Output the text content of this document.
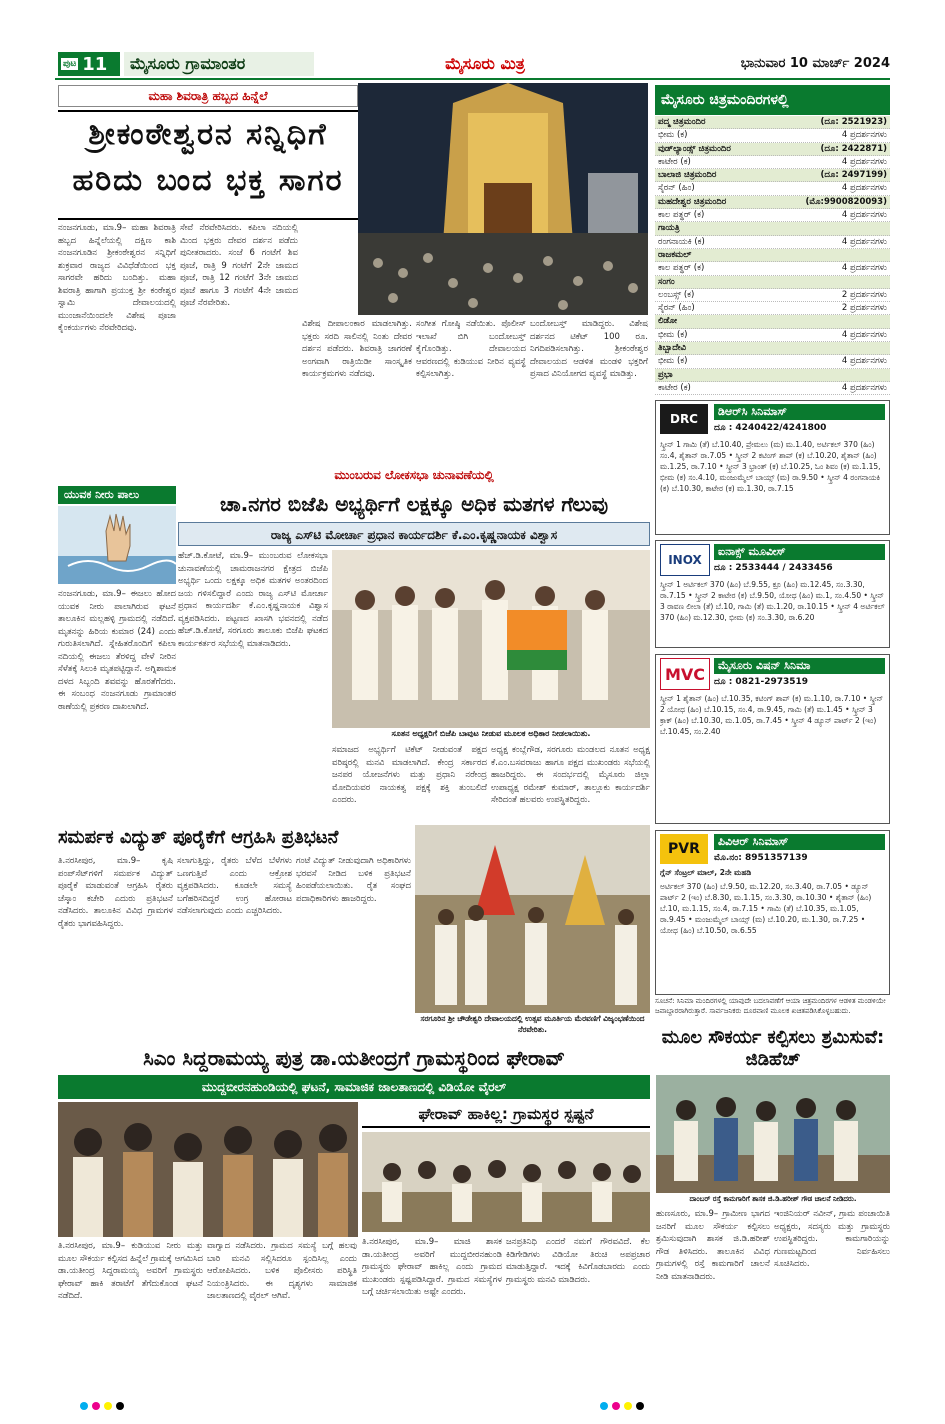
ಪುಟ 11	ಮೈಸೂರು ಗ್ರಾಮಾಂತರ	ಮೈಸೂರು ಮಿತ್ರ	ಭಾನುವಾರ 10 ಮಾರ್ಚ್ 2024
ಮಹಾ ಶಿವರಾತ್ರಿ ಹಬ್ಬದ ಹಿನ್ನೆಲೆ
ಶ್ರೀಕಂಠೇಶ್ವರನ ಸನ್ನಿಧಿಗೆ
ಹರಿದು ಬಂದ ಭಕ್ತ ಸಾಗರ

ನಂಜನಗೂಡು, ಮಾ.9– ಮಹಾ ಶಿವರಾತ್ರಿ ಹಬ್ಬದ ಹಿನ್ನೆಲೆಯಲ್ಲಿ ದಕ್ಷಿಣ ಕಾಶಿ ನಂಜನಗೂಡಿನ ಶ್ರೀಕಂಠೇಶ್ವರನ ಸನ್ನಿಧಿಗೆ ಶುಕ್ರವಾರ ರಾಜ್ಯದ ವಿವಿಧೆಡೆಯಿಂದ ಭಕ್ತ ಸಾಗರವೇ ಹರಿದು ಬಂದಿತ್ತು. ಮಹಾ ಶಿವರಾತ್ರಿ ಹಾಗಾಗಿ ಪ್ರಯುಕ್ತ ಶ್ರೀ ಕಂಠೇಶ್ವರ ಸ್ವಾಮಿ ದೇವಾಲಯದಲ್ಲಿ ಮುಂಜಾನೆಯಿಂದಲೇ ವಿಶೇಷ ಪೂಜಾ ಕೈಂಕರ್ಯಗಳು ನೆರವೇರಿದವು.

ಸೇವೆ ನೆರವೇರಿಸಿದರು. ಕಪಿಲಾ ನದಿಯಲ್ಲಿ ಮಿಂದ ಭಕ್ತರು ದೇವರ ದರ್ಶನ ಪಡೆದು ಪುನೀತರಾದರು. ಸಂಜೆ 6 ಗಂಟೆಗೆ ಶಿವ ಪೂಜೆ, ರಾತ್ರಿ 9 ಗಂಟೆಗೆ 2ನೇ ಜಾಮದ ಪೂಜೆ, ರಾತ್ರಿ 12 ಗಂಟೆಗೆ 3ನೇ ಜಾಮದ ಪೂಜೆ ಹಾಗೂ 3 ಗಂಟೆಗೆ 4ನೇ ಜಾಮದ ಪೂಜೆ ನೆರವೇರಿತು.

ವಿಶೇಷ ದೀಪಾಲಂಕಾರ ಮಾಡಲಾಗಿತ್ತು. ಭಕ್ತರು ಸರದಿ ಸಾಲಿನಲ್ಲಿ ನಿಂತು ದೇವರ ದರ್ಶನ ಪಡೆದರು. ಶಿವರಾತ್ರಿ ಜಾಗರಣೆ ಅಂಗವಾಗಿ ರಾತ್ರಿಯಿಡೀ ಸಾಂಸ್ಕೃತಿಕ ಕಾರ್ಯಕ್ರಮಗಳು ನಡೆದವು.

ಸಂಗೀತ ಗೋಷ್ಠಿ ನಡೆಯಿತು. ಪೊಲೀಸ್ ಇಲಾಖೆ ಬಿಗಿ ಬಂದೋಬಸ್ತ್ ಕೈಗೊಂಡಿತ್ತು. ದೇವಾಲಯದ ಆವರಣದಲ್ಲಿ ಕುಡಿಯುವ ನೀರಿನ ವ್ಯವಸ್ಥೆ ಕಲ್ಪಿಸಲಾಗಿತ್ತು.

ಬಂದೋಬಸ್ತ್ ಮಾಡಿದ್ದರು. ವಿಶೇಷ ದರ್ಶನದ ಟಿಕೆಟ್ 100 ರೂ. ನಿಗದಿಪಡಿಸಲಾಗಿತ್ತು. ಶ್ರೀಕಂಠೇಶ್ವರ ದೇವಾಲಯದ ಆಡಳಿತ ಮಂಡಳಿ ಭಕ್ತರಿಗೆ ಪ್ರಸಾದ ವಿನಿಯೋಗದ ವ್ಯವಸ್ಥೆ ಮಾಡಿತ್ತು.

ಮೈಸೂರು ಚಿತ್ರಮಂದಿರಗಳಲ್ಲಿ
ಪದ್ಮ ಚಿತ್ರಮಂದಿರ	(ದೂ: 2521923)
ಭೀಮ (ಕ)	4 ಪ್ರದರ್ಶನಗಳು
ವುಡ್‌ಲ್ಯಾಂಡ್ಸ್ ಚಿತ್ರಮಂದಿರ	(ದೂ: 2422871)
ಕಾಟೇರ (ಕ)	4 ಪ್ರದರ್ಶನಗಳು
ಬಾಲಾಜಿ ಚಿತ್ರಮಂದಿರ	(ದೂ: 2497199)
ಸೈರನ್ (ಹಿಂ)	4 ಪ್ರದರ್ಶನಗಳು
ಮಹದೇಶ್ವರ ಚಿತ್ರಮಂದಿರ	(ಮೊ:9900820093)
ಕಾಲ ಪತ್ಥರ್ (ಕ)	4 ಪ್ರದರ್ಶನಗಳು
ಗಾಯತ್ರಿ
ರಂಗನಾಯಕಿ (ಕ)	4 ಪ್ರದರ್ಶನಗಳು
ರಾಜಕಮಲ್
ಕಾಲ ಪತ್ಥರ್ (ಕ)	4 ಪ್ರದರ್ಶನಗಳು
ಸಂಗಂ
ಲಂಬಸ್ಸ್ (ಕ)	2 ಪ್ರದರ್ಶನಗಳು
ಸೈರನ್ (ಹಿಂ)	2 ಪ್ರದರ್ಶನಗಳು
ಲಿಡೋ
ಭೀಮ (ಕ)	4 ಪ್ರದರ್ಶನಗಳು
ತಿಬ್ಬಾದೇವಿ
ಭೀಮ (ಕ)	4 ಪ್ರದರ್ಶನಗಳು
ಪ್ರಭಾ
ಕಾಟೇರ (ಕ)	4 ಪ್ರದರ್ಶನಗಳು
DRC
ಡಿಆರ್‌ಸಿ ಸಿನಿಮಾಸ್
ದೂ : 4240422/4241800
ಸ್ಕ್ರೀನ್ 1 ಗಾಮಿ (ತೆ) ಬೆ.10.40, ಪ್ರೇಮಲು (ಮ) ಮ.1.40, ಅರ್ಟಿಕಲ್ 370 (ಹಿಂ) ಸಂ.4, ಶೈತಾನ್ ರಾ.7.05 • ಸ್ಕ್ರೀನ್ 2 ಕಟಿಂಗ್ ಶಾಪ್ (ಕ) ಬೆ.10.20, ಶೈತಾನ್ (ಹಿಂ) ಮ.1.25, ರಾ.7.10 • ಸ್ಕ್ರೀನ್ 3 ಭ್ರಾಂತ್ (ಕ) ಬೆ.10.25, ಓಂ ಶಿವಂ (ಕ) ಮ.1.15, ಭೀಮ (ಕ) ಸಂ.4.10, ಮಂಜುಮ್ಮೆಲ್ ಬಾಯ್ಸ್ (ಮ) ರಾ.9.50 • ಸ್ಕ್ರೀನ್ 4 ರಂಗನಾಯಕಿ (ಕ) ಬೆ.10.30, ಕಾಟೇರ (ಕ) ಮ.1.30, ರಾ.7.15
INOX
ಐನಾಕ್ಸ್ ಮೂವೀಸ್
ದೂ : 2533444 / 2433456
ಸ್ಕ್ರೀನ್ 1 ಅರ್ಟಿಕಲ್ 370 (ಹಿಂ) ಬೆ.9.55, ಕ್ರೂ (ಹಿಂ) ಮ.12.45, ಸಂ.3.30, ರಾ.7.15 • ಸ್ಕ್ರೀನ್ 2 ಕಾಟೇರ (ಕ) ಬೆ.9.50, ಯೋಧ (ಹಿಂ) ಮ.1, ಸಂ.4.50 • ಸ್ಕ್ರೀನ್ 3 ರಾವಣ ಲೀಲಾ (ತೆ) ಬೆ.10, ಗಾಮಿ (ತೆ) ಮ.1.20, ರಾ.10.15 • ಸ್ಕ್ರೀನ್ 4 ಅರ್ಟಿಕಲ್ 370 (ಹಿಂ) ಮ.12.30, ಭೀಮ (ಕ) ಸಂ.3.30, ರಾ.6.20
MVC	ಮೈಸೂರು ವಿಷನ್ ಸಿನಿಮಾ
ದೂ : 0821-2973519
ಸ್ಕ್ರೀನ್ 1 ಶೈತಾನ್ (ಹಿಂ) ಬೆ.10.35, ಕಟಿಂಗ್ ಶಾಪ್ (ಕ) ಮ.1.10, ರಾ.7.10 • ಸ್ಕ್ರೀನ್ 2 ಯೋಧ (ಹಿಂ) ಬೆ.10.15, ಸಂ.4, ರಾ.9.45, ಗಾಮಿ (ತೆ) ಮ.1.45 • ಸ್ಕ್ರೀನ್ 3 ಕ್ರಾಕ್ (ಹಿಂ) ಬೆ.10.30, ಮ.1.05, ರಾ.7.45 • ಸ್ಕ್ರೀನ್ 4 ಡ್ಯೂನ್ ಪಾರ್ಟ್ 2 (ಇಂ) ಬೆ.10.45, ಸಂ.2.40
PVR	ಪಿವಿಆರ್ ಸಿನಿಮಾಸ್
ಮೊ.ನಂ: 8951357139
ಗ್ಲೆನ್ ಸೆಂಟ್ರಲ್ ಮಾಲ್, 2ನೇ ಮಹಡಿ
ಅರ್ಟಿಕಲ್ 370 (ಹಿಂ) ಬೆ.9.50, ಮ.12.20, ಸಂ.3.40, ರಾ.7.05 • ಡ್ಯೂನ್ ಪಾರ್ಟ್ 2 (ಇಂ) ಬೆ.8.30, ಮ.1.15, ಸಂ.3.30, ರಾ.10.30 • ಶೈತಾನ್ (ಹಿಂ) ಬೆ.10, ಮ.1.15, ಸಂ.4, ರಾ.7.15 • ಗಾಮಿ (ತೆ) ಬೆ.10.35, ಮ.1.05, ರಾ.9.45 • ಮಂಜುಮ್ಮೆಲ್ ಬಾಯ್ಸ್ (ಮ) ಬೆ.10.20, ಮ.1.30, ರಾ.7.25 • ಯೋಧ (ಹಿಂ) ಬೆ.10.50, ರಾ.6.55
ಸೂಚನೆ: ಸಿನಿಮಾ ಮಂದಿರಗಳಲ್ಲಿ ಯಾವುದೇ ಬದಲಾವಣೆಗೆ ಆಯಾ ಚಿತ್ರಮಂದಿರಗಳ ಆಡಳಿತ ಮಂಡಳಿಯೇ ಜವಾಬ್ದಾರರಾಗಿರುತ್ತಾರೆ. ಸಾರ್ವಜನಿಕರು ದೂರವಾಣಿ ಮೂಲಕ ಖಚಿತಪಡಿಸಿಕೊಳ್ಳಬಹುದು.
ಯುವಕ ನೀರು ಪಾಲು

ನಂಜನಗೂಡು, ಮಾ.9– ಈಜಲು ಹೋದ ಯುವಕ ನೀರು ಪಾಲಾಗಿರುವ ಘಟನೆ ತಾಲೂಕಿನ ಮಲ್ಲಹಳ್ಳಿ ಗ್ರಾಮದಲ್ಲಿ ನಡೆದಿದೆ. ಮೃತನನ್ನು ಹಿರಿಯ ಕುಮಾರ (24) ಎಂದು ಗುರುತಿಸಲಾಗಿದೆ. ಸ್ನೇಹಿತರೊಂದಿಗೆ ಕಪಿಲಾ ನದಿಯಲ್ಲಿ ಈಜಲು ತೆರಳಿದ್ದ ವೇಳೆ ನೀರಿನ ಸೆಳೆತಕ್ಕೆ ಸಿಲುಕಿ ಮೃತಪಟ್ಟಿದ್ದಾನೆ. ಅಗ್ನಿಶಾಮಕ ದಳದ ಸಿಬ್ಬಂದಿ ಶವವನ್ನು ಹೊರತೆಗೆದರು. ಈ ಸಂಬಂಧ ನಂಜನಗೂಡು ಗ್ರಾಮಾಂತರ ಠಾಣೆಯಲ್ಲಿ ಪ್ರಕರಣ ದಾಖಲಾಗಿದೆ.

ಮುಂಬರುವ ಲೋಕಸಭಾ ಚುನಾವಣೆಯಲ್ಲಿ
ಚಾ.ನಗರ ಬಿಜೆಪಿ ಅಭ್ಯರ್ಥಿಗೆ ಲಕ್ಷಕ್ಕೂ ಅಧಿಕ ಮತಗಳ ಗೆಲುವು
ರಾಜ್ಯ ಎಸ್‌ಟಿ ಮೋರ್ಚಾ ಪ್ರಧಾನ ಕಾರ್ಯದರ್ಶಿ ಕೆ.ಎಂ.ಕೃಷ್ಣನಾಯಕ ವಿಶ್ವಾಸ

ಹೆಚ್.ಡಿ.ಕೋಟೆ, ಮಾ.9– ಮುಂಬರುವ ಲೋಕಸಭಾ ಚುನಾವಣೆಯಲ್ಲಿ ಚಾಮರಾಜನಗರ ಕ್ಷೇತ್ರದ ಬಿಜೆಪಿ ಅಭ್ಯರ್ಥಿ ಒಂದು ಲಕ್ಷಕ್ಕೂ ಅಧಿಕ ಮತಗಳ ಅಂತರದಿಂದ ಜಯ ಗಳಿಸಲಿದ್ದಾರೆ ಎಂದು ರಾಜ್ಯ ಎಸ್‌ಟಿ ಮೋರ್ಚಾ ಪ್ರಧಾನ ಕಾರ್ಯದರ್ಶಿ ಕೆ.ಎಂ.ಕೃಷ್ಣನಾಯಕ ವಿಶ್ವಾಸ ವ್ಯಕ್ತಪಡಿಸಿದರು. ಪಟ್ಟಣದ ಖಾಸಗಿ ಭವನದಲ್ಲಿ ನಡೆದ ಹೆಚ್.ಡಿ.ಕೋಟೆ, ಸರಗೂರು ತಾಲೂಕು ಬಿಜೆಪಿ ಘಟಕದ ಕಾರ್ಯಕರ್ತರ ಸಭೆಯಲ್ಲಿ ಮಾತನಾಡಿದರು.

ಸೂತನ ಅಧ್ಯಕ್ಷರಿಗೆ ಬಿಜೆಪಿ ಬಾವುಟ ನೀಡುವ ಮೂಲಕ ಅಧಿಕಾರ ನೀಡಲಾಯಿತು.

ಸಮಾಜದ ಅಭ್ಯರ್ಥಿಗೆ ಟಿಕೆಟ್ ನೀಡುವಂತೆ ಪಕ್ಷದ ವರಿಷ್ಠರಲ್ಲಿ ಮನವಿ ಮಾಡಲಾಗಿದೆ. ಕೇಂದ್ರ ಸರ್ಕಾರದ ಜನಪರ ಯೋಜನೆಗಳು ಮತ್ತು ಪ್ರಧಾನಿ ನರೇಂದ್ರ ಮೋದಿಯವರ ನಾಯಕತ್ವ ಪಕ್ಷಕ್ಕೆ ಶಕ್ತಿ ತುಂಬಲಿದೆ ಎಂದರು.

ಅಧ್ಯಕ್ಷ ಕಂಬ್ಲೆಗೌಡ, ಸರಗೂರು ಮಂಡಲದ ನೂತನ ಅಧ್ಯಕ್ಷ ಕೆ.ಎಂ.ಬಸವರಾಜು ಹಾಗೂ ಪಕ್ಷದ ಮುಖಂಡರು ಸಭೆಯಲ್ಲಿ ಹಾಜರಿದ್ದರು. ಈ ಸಂದರ್ಭದಲ್ಲಿ ಮೈಸೂರು ಜಿಲ್ಲಾ ಉಪಾಧ್ಯಕ್ಷ ರಮೇಶ್ ಕುಮಾರ್, ತಾಲ್ಲೂಕು ಕಾರ್ಯದರ್ಶಿ ಸೇರಿದಂತೆ ಹಲವರು ಉಪಸ್ಥಿತರಿದ್ದರು.

ಸಮರ್ಪಕ ವಿದ್ಯುತ್ ಪೂರೈಕೆಗೆ ಆಗ್ರಹಿಸಿ ಪ್ರತಿಭಟನೆ

ತಿ.ನರಸೀಪುರ, ಮಾ.9– ಕೃಷಿ ಪಂಪ್‌ಸೆಟ್‌ಗಳಿಗೆ ಸಮರ್ಪಕ ವಿದ್ಯುತ್ ಪೂರೈಕೆ ಮಾಡುವಂತೆ ಆಗ್ರಹಿಸಿ ರೈತರು ಚೆಸ್ಕಾಂ ಕಚೇರಿ ಎದುರು ಪ್ರತಿಭಟನೆ ನಡೆಸಿದರು. ತಾಲೂಕಿನ ವಿವಿಧ ಗ್ರಾಮಗಳ ರೈತರು ಭಾಗವಹಿಸಿದ್ದರು.

ಸಲಾಗುತ್ತಿದ್ದು, ರೈತರು ಬೆಳೆದ ಬೆಳೆಗಳು ಒಣಗುತ್ತಿವೆ ಎಂದು ಆಕ್ರೋಶ ವ್ಯಕ್ತಪಡಿಸಿದರು. ಕೂಡಲೇ ಸಮಸ್ಯೆ ಬಗೆಹರಿಸದಿದ್ದರೆ ಉಗ್ರ ಹೋರಾಟ ನಡೆಸಲಾಗುವುದು ಎಂದು ಎಚ್ಚರಿಸಿದರು.

ಗಂಟೆ ವಿದ್ಯುತ್ ನೀಡುವುದಾಗಿ ಅಧಿಕಾರಿಗಳು ಭರವಸೆ ನೀಡಿದ ಬಳಿಕ ಪ್ರತಿಭಟನೆ ಹಿಂಪಡೆಯಲಾಯಿತು. ರೈತ ಸಂಘದ ಪದಾಧಿಕಾರಿಗಳು ಹಾಜರಿದ್ದರು.

ಸರಗೂರಿನ ಶ್ರೀ ಚೌಡೇಶ್ವರಿ ದೇವಾಲಯದಲ್ಲಿ ಉತ್ಸವ ಮೂರ್ತಿಯ ಮೆರವಣಿಗೆ ವಿಜೃಂಭಣೆಯಿಂದ ನೆರವೇರಿತು.
ಸಿಎಂ ಸಿದ್ದರಾಮಯ್ಯ ಪುತ್ರ ಡಾ.ಯತೀಂದ್ರಗೆ ಗ್ರಾಮಸ್ಥರಿಂದ ಘೇರಾವ್
ಮುದ್ದಬೀರನಹುಂಡಿಯಲ್ಲಿ ಘಟನೆ, ಸಾಮಾಜಿಕ ಜಾಲತಾಣದಲ್ಲಿ ವಿಡಿಯೋ ವೈರಲ್

ತಿ.ನರಸೀಪುರ, ಮಾ.9– ಕುಡಿಯುವ ನೀರು ಮತ್ತು ಮೂಲ ಸೌಕರ್ಯ ಕಲ್ಪಿಸದ ಹಿನ್ನೆಲೆ ಗ್ರಾಮಕ್ಕೆ ಆಗಮಿಸಿದ ಡಾ.ಯತೀಂದ್ರ ಸಿದ್ದರಾಮಯ್ಯ ಅವರಿಗೆ ಗ್ರಾಮಸ್ಥರು ಘೇರಾವ್ ಹಾಕಿ ತರಾಟೆಗೆ ತೆಗೆದುಕೊಂಡ ಘಟನೆ ನಡೆದಿದೆ.

ವಾಗ್ವಾದ ನಡೆಸಿದರು. ಗ್ರಾಮದ ಸಮಸ್ಯೆ ಬಗ್ಗೆ ಹಲವು ಬಾರಿ ಮನವಿ ಸಲ್ಲಿಸಿದರೂ ಸ್ಪಂದಿಸಿಲ್ಲ ಎಂದು ಆರೋಪಿಸಿದರು. ಬಳಿಕ ಪೊಲೀಸರು ಪರಿಸ್ಥಿತಿ ನಿಯಂತ್ರಿಸಿದರು. ಈ ದೃಶ್ಯಗಳು ಸಾಮಾಜಿಕ ಜಾಲತಾಣದಲ್ಲಿ ವೈರಲ್ ಆಗಿವೆ.

ಘೇರಾವ್ ಹಾಕಿಲ್ಲ: ಗ್ರಾಮಸ್ಥರ ಸ್ಪಷ್ಟನೆ

ತಿ.ನರಸೀಪುರ, ಮಾ.9– ಮಾಜಿ ಶಾಸಕ ಡಾ.ಯತೀಂದ್ರ ಅವರಿಗೆ ಮುದ್ದಬೀರನಹುಂಡಿ ಗ್ರಾಮಸ್ಥರು ಘೇರಾವ್ ಹಾಕಿಲ್ಲ ಎಂದು ಗ್ರಾಮದ ಮುಖಂಡರು ಸ್ಪಷ್ಟಪಡಿಸಿದ್ದಾರೆ. ಗ್ರಾಮದ ಸಮಸ್ಯೆಗಳ ಬಗ್ಗೆ ಚರ್ಚಿಸಲಾಯಿತು ಅಷ್ಟೇ ಎಂದರು.

ಜನಪ್ರತಿನಿಧಿ ಎಂದರೆ ನಮಗೆ ಗೌರವವಿದೆ. ಕೆಲ ಕಿಡಿಗೇಡಿಗಳು ವಿಡಿಯೋ ತಿರುಚಿ ಅಪಪ್ರಚಾರ ಮಾಡುತ್ತಿದ್ದಾರೆ. ಇದಕ್ಕೆ ಕಿವಿಗೊಡಬಾರದು ಎಂದು ಗ್ರಾಮಸ್ಥರು ಮನವಿ ಮಾಡಿದರು.

ಮೂಲ ಸೌಕರ್ಯ ಕಲ್ಪಿಸಲು ಶ್ರಮಿಸುವೆ: ಜಿಡಿಹೆಚ್
ದಾಂಬರ್ ರಸ್ತೆ ಕಾಮಗಾರಿಗೆ ಶಾಸಕ ಜಿ.ಡಿ.ಹರೀಶ್ ಗೌಡ ಚಾಲನೆ ನೀಡಿದರು.

ಹುಣಸೂರು, ಮಾ.9– ಗ್ರಾಮೀಣ ಭಾಗದ ಜನರಿಗೆ ಮೂಲ ಸೌಕರ್ಯ ಕಲ್ಪಿಸಲು ಶ್ರಮಿಸುವುದಾಗಿ ಶಾಸಕ ಜಿ.ಡಿ.ಹರೀಶ್ ಗೌಡ ತಿಳಿಸಿದರು. ತಾಲೂಕಿನ ವಿವಿಧ ಗ್ರಾಮಗಳಲ್ಲಿ ರಸ್ತೆ ಕಾಮಗಾರಿಗೆ ಚಾಲನೆ ನೀಡಿ ಮಾತನಾಡಿದರು.

ಇಂಜಿನಿಯರ್ ನವೀನ್, ಗ್ರಾಮ ಪಂಚಾಯಿತಿ ಅಧ್ಯಕ್ಷರು, ಸದಸ್ಯರು ಮತ್ತು ಗ್ರಾಮಸ್ಥರು ಉಪಸ್ಥಿತರಿದ್ದರು. ಕಾಮಗಾರಿಯನ್ನು ಗುಣಮಟ್ಟದಿಂದ ನಿರ್ವಹಿಸಲು ಸೂಚಿಸಿದರು.
